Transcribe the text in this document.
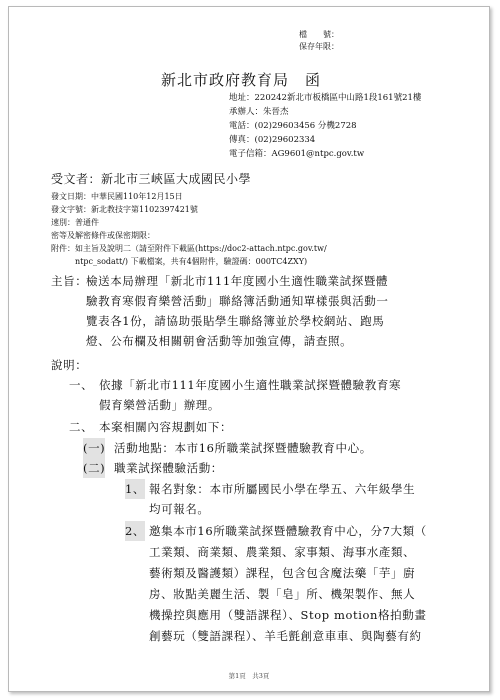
檔　　號：
保存年限：
新北市政府教育局　函
地址：220242新北市板橋區中山路1段161號21樓
承辦人：朱晉杰
電話：(02)29603456 分機2728
傳真：(02)29602334
電子信箱：AG9601@ntpc.gov.tw
受文者：新北市三峽區大成國民小學
發文日期：中華民國110年12月15日
發文字號：新北教技字第1102397421號
速別：普通件
密等及解密條件或保密期限：
附件：如主旨及說明二（請至附件下載區(https://doc2-attach.ntpc.gov.tw/
ntpc_sodatt/) 下載檔案，共有4個附件，驗證碼：000TC4ZXY)
主旨：
檢送本局辦理「新北市111年度國小生適性職業試探暨體
驗教育寒假育樂營活動」聯絡簿活動通知單樣張與活動一
覽表各1份，請協助張貼學生聯絡簿並於學校網站、跑馬
燈、公布欄及相關朝會活動等加強宣傳，請查照。
說明：
一、 依據「新北市111年度國小生適性職業試探暨體驗教育寒
假育樂營活動」辦理。
二、 本案相關內容規劃如下：
(一) 活動地點：本市16所職業試探暨體驗教育中心。
(二) 職業試探體驗活動：
1、 報名對象：本市所屬國民小學在學五、六年級學生
均可報名。
2、 邀集本市16所職業試探暨體驗教育中心，分7大類（
工業類、商業類、農業類、家事類、海事水產類、
藝術類及醫護類）課程，包含包含魔法藥「芋」廚
房、妝點美麗生活、製「皂」所、機架製作、無人
機操控與應用（雙語課程）、Stop motion格拍動畫
創藝玩（雙語課程）、羊毛氈創意車車、與陶藝有約
第1頁　共3頁
